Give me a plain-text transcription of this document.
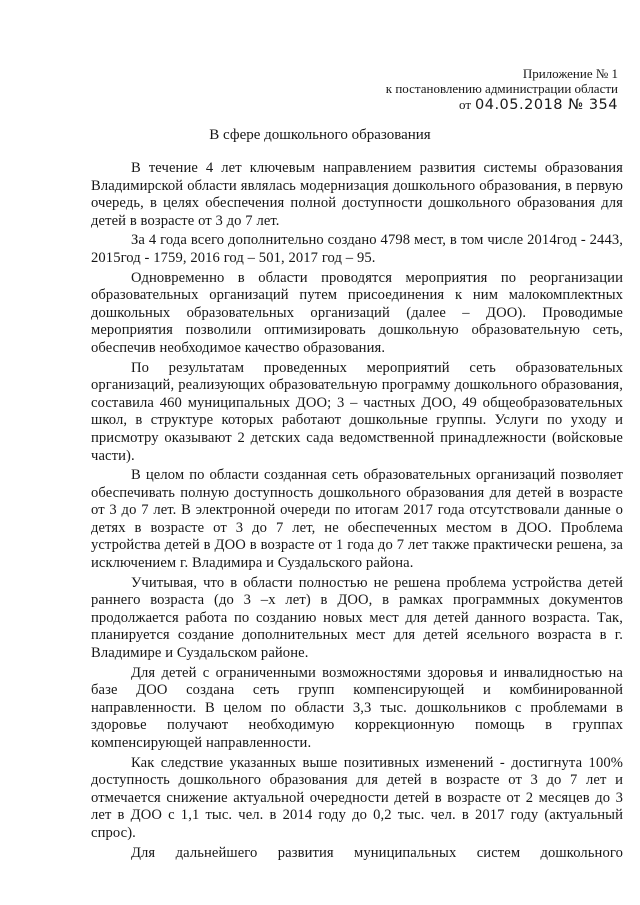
Приложение № 1
к постановлению администрации области
от 04.05.2018 № 354
В сфере дошкольного образования

В течение 4 лет ключевым направлением развития системы образования Владимирской области являлась модернизация дошкольного образования, в первую очередь, в целях обеспечения полной доступности дошкольного образования для детей в возрасте от 3 до 7 лет.

За 4 года всего дополнительно создано 4798 мест, в том числе 2014год - 2443, 2015год - 1759, 2016 год – 501, 2017 год – 95.

Одновременно в области проводятся мероприятия по реорганизации образовательных организаций путем присоединения к ним малокомплектных дошкольных образовательных организаций (далее – ДОО). Проводимые мероприятия позволили оптимизировать дошкольную образовательную сеть, обеспечив необходимое качество образования.

По результатам проведенных мероприятий сеть образовательных организаций, реализующих образовательную программу дошкольного образования, составила 460 муниципальных ДОО; 3 – частных ДОО, 49 общеобразовательных школ, в структуре которых работают дошкольные группы. Услуги по уходу и присмотру оказывают 2 детских сада ведомственной принадлежности (войсковые части).

В целом по области созданная сеть образовательных организаций позволяет обеспечивать полную доступность дошкольного образования для детей в возрасте от 3 до 7 лет. В электронной очереди по итогам 2017 года отсутствовали данные о детях в возрасте от 3 до 7 лет, не обеспеченных местом в ДОО. Проблема устройства детей в ДОО в возрасте от 1 года до 7 лет также практически решена, за исключением г. Владимира и Суздальского района.

Учитывая, что в области полностью не решена проблема устройства детей раннего возраста (до 3 –х лет) в ДОО, в рамках программных документов продолжается работа по созданию новых мест для детей данного возраста. Так, планируется создание дополнительных мест для детей ясельного возраста в г. Владимире и Суздальском районе.

Для детей с ограниченными возможностями здоровья и инвалидностью на базе ДОО создана сеть групп компенсирующей и комбинированной направленности. В целом по области 3,3 тыс. дошкольников с проблемами в здоровье получают необходимую коррекционную помощь в группах компенсирующей направленности.

Как следствие указанных выше позитивных изменений - достигнута 100% доступность дошкольного образования для детей в возрасте от 3 до 7 лет и отмечается снижение актуальной очередности детей в возрасте от 2 месяцев до 3 лет в ДОО с 1,1 тыс. чел. в 2014 году до 0,2 тыс. чел. в 2017 году (актуальный спрос).

Для дальнейшего развития муниципальных систем дошкольного
